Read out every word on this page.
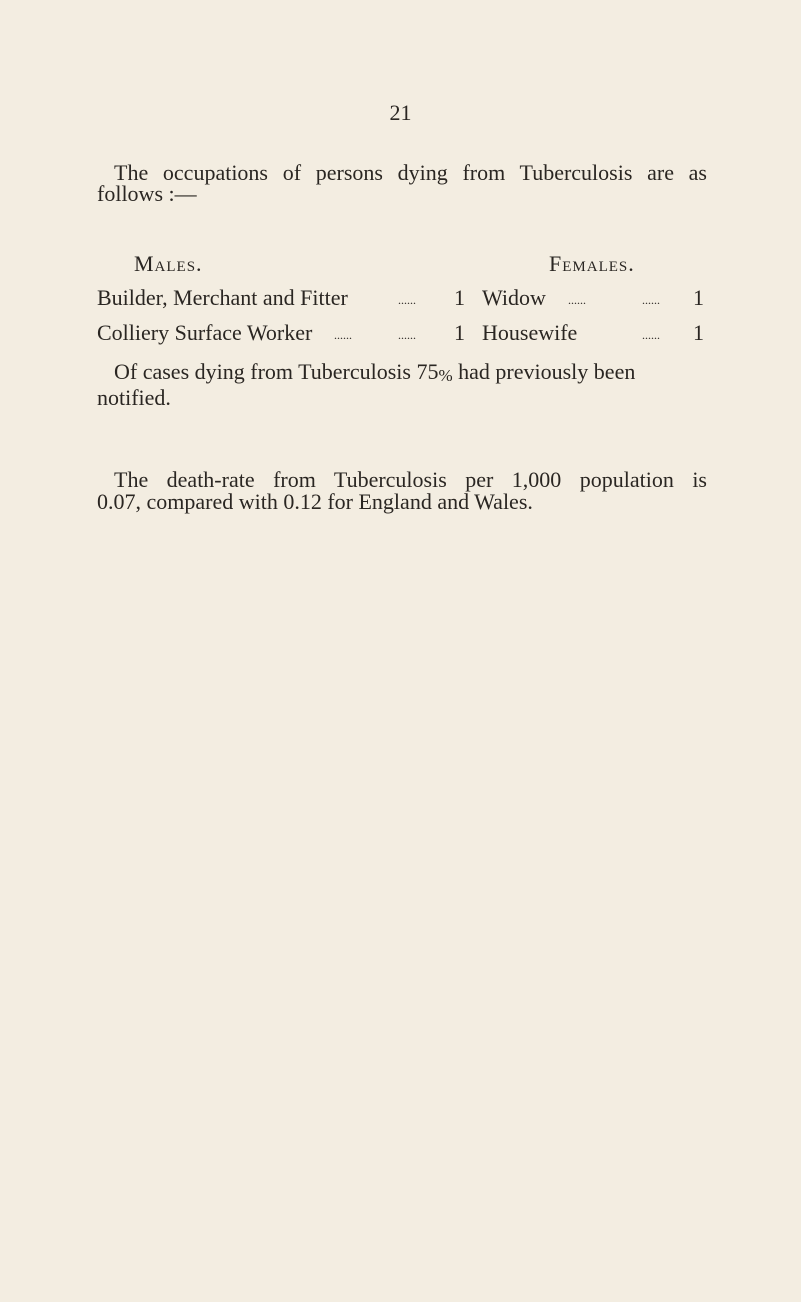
21
The occupations of persons dying from Tuberculosis are as
follows :—
Males.	Females.
Builder, Merchant and Fitter	...... 1 Widow ......	...... 1
Colliery Surface Worker ......	...... 1 Housewife	...... 1
Of cases dying from Tuberculosis 75% had previously been
notified.
The death-rate from Tuberculosis per 1,000 population is
0.07, compared with 0.12 for England and Wales.
